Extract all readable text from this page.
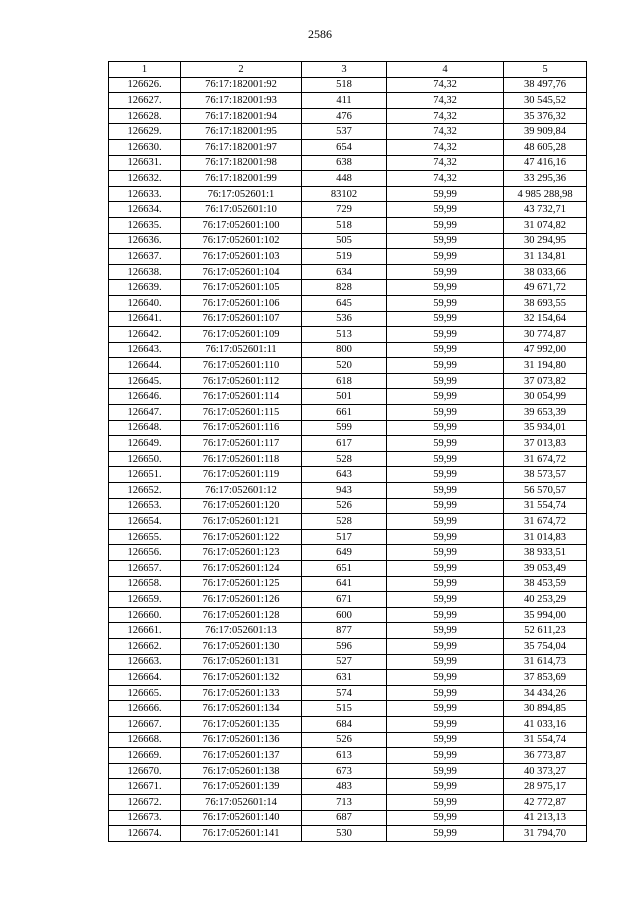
2586
1	2	3	4	5
126626.	76:17:182001:92	518	74,32	38 497,76
126627.	76:17:182001:93	411	74,32	30 545,52
126628.	76:17:182001:94	476	74,32	35 376,32
126629.	76:17:182001:95	537	74,32	39 909,84
126630.	76:17:182001:97	654	74,32	48 605,28
126631.	76:17:182001:98	638	74,32	47 416,16
126632.	76:17:182001:99	448	74,32	33 295,36
126633.	76:17:052601:1	83102	59,99	4 985 288,98
126634.	76:17:052601:10	729	59,99	43 732,71
126635.	76:17:052601:100	518	59,99	31 074,82
126636.	76:17:052601:102	505	59,99	30 294,95
126637.	76:17:052601:103	519	59,99	31 134,81
126638.	76:17:052601:104	634	59,99	38 033,66
126639.	76:17:052601:105	828	59,99	49 671,72
126640.	76:17:052601:106	645	59,99	38 693,55
126641.	76:17:052601:107	536	59,99	32 154,64
126642.	76:17:052601:109	513	59,99	30 774,87
126643.	76:17:052601:11	800	59,99	47 992,00
126644.	76:17:052601:110	520	59,99	31 194,80
126645.	76:17:052601:112	618	59,99	37 073,82
126646.	76:17:052601:114	501	59,99	30 054,99
126647.	76:17:052601:115	661	59,99	39 653,39
126648.	76:17:052601:116	599	59,99	35 934,01
126649.	76:17:052601:117	617	59,99	37 013,83
126650.	76:17:052601:118	528	59,99	31 674,72
126651.	76:17:052601:119	643	59,99	38 573,57
126652.	76:17:052601:12	943	59,99	56 570,57
126653.	76:17:052601:120	526	59,99	31 554,74
126654.	76:17:052601:121	528	59,99	31 674,72
126655.	76:17:052601:122	517	59,99	31 014,83
126656.	76:17:052601:123	649	59,99	38 933,51
126657.	76:17:052601:124	651	59,99	39 053,49
126658.	76:17:052601:125	641	59,99	38 453,59
126659.	76:17:052601:126	671	59,99	40 253,29
126660.	76:17:052601:128	600	59,99	35 994,00
126661.	76:17:052601:13	877	59,99	52 611,23
126662.	76:17:052601:130	596	59,99	35 754,04
126663.	76:17:052601:131	527	59,99	31 614,73
126664.	76:17:052601:132	631	59,99	37 853,69
126665.	76:17:052601:133	574	59,99	34 434,26
126666.	76:17:052601:134	515	59,99	30 894,85
126667.	76:17:052601:135	684	59,99	41 033,16
126668.	76:17:052601:136	526	59,99	31 554,74
126669.	76:17:052601:137	613	59,99	36 773,87
126670.	76:17:052601:138	673	59,99	40 373,27
126671.	76:17:052601:139	483	59,99	28 975,17
126672.	76:17:052601:14	713	59,99	42 772,87
126673.	76:17:052601:140	687	59,99	41 213,13
126674.	76:17:052601:141	530	59,99	31 794,70
